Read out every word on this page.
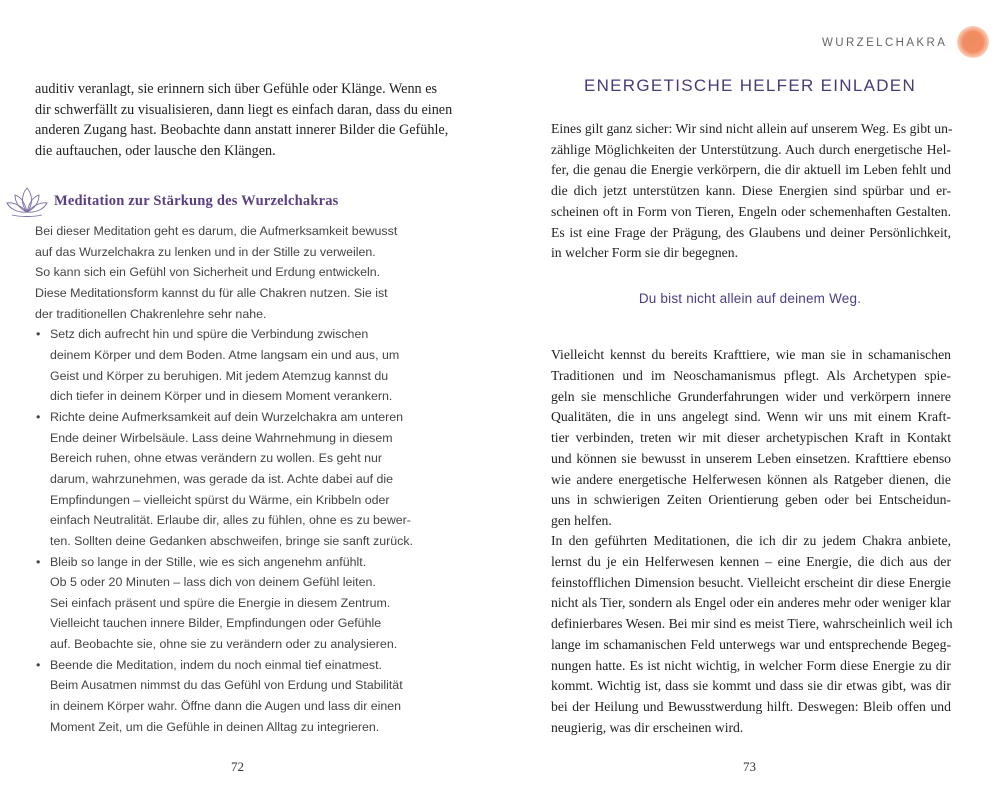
auditiv veranlagt, sie erinnern sich über Gefühle oder Klänge. Wenn es
dir schwerfällt zu visualisieren, dann liegt es einfach daran, dass du einen
anderen Zugang hast. Beobachte dann anstatt innerer Bilder die Gefühle,
die auftauchen, oder lausche den Klängen.
Meditation zur Stärkung des Wurzelchakras
Bei dieser Meditation geht es darum, die Aufmerksamkeit bewusst
auf das Wurzelchakra zu lenken und in der Stille zu verweilen.
So kann sich ein Gefühl von Sicherheit und Erdung entwickeln.
Diese Meditationsform kannst du für alle Chakren nutzen. Sie ist
der traditionellen Chakrenlehre sehr nahe.
• Setz dich aufrecht hin und spüre die Verbindung zwischen
deinem Körper und dem Boden. Atme langsam ein und aus, um
Geist und Körper zu beruhigen. Mit jedem Atemzug kannst du
dich tiefer in deinem Körper und in diesem Moment verankern.
• Richte deine Aufmerksamkeit auf dein Wurzelchakra am unteren
Ende deiner Wirbelsäule. Lass deine Wahrnehmung in diesem
Bereich ruhen, ohne etwas verändern zu wollen. Es geht nur
darum, wahrzunehmen, was gerade da ist. Achte dabei auf die
Empfindungen – vielleicht spürst du Wärme, ein Kribbeln oder
einfach Neutralität. Erlaube dir, alles zu fühlen, ohne es zu bewer-
ten. Sollten deine Gedanken abschweifen, bringe sie sanft zurück.
• Bleib so lange in der Stille, wie es sich angenehm anfühlt.
Ob 5 oder 20 Minuten – lass dich von deinem Gefühl leiten.
Sei einfach präsent und spüre die Energie in diesem Zentrum.
Vielleicht tauchen innere Bilder, Empfindungen oder Gefühle
auf. Beobachte sie, ohne sie zu verändern oder zu analysieren.
• Beende die Meditation, indem du noch einmal tief einatmest.
Beim Ausatmen nimmst du das Gefühl von Erdung und Stabilität
in deinem Körper wahr. Öffne dann die Augen und lass dir einen
Moment Zeit, um die Gefühle in deinen Alltag zu integrieren.
72
WURZELCHAKRA
ENERGETISCHE HELFER EINLADEN
Eines gilt ganz sicher: Wir sind nicht allein auf unserem Weg. Es gibt un-
zählige Möglichkeiten der Unterstützung. Auch durch energetische Hel-
fer, die genau die Energie verkörpern, die dir aktuell im Leben fehlt und
die dich jetzt unterstützen kann. Diese Energien sind spürbar und er-
scheinen oft in Form von Tieren, Engeln oder schemenhaften Gestalten.
Es ist eine Frage der Prägung, des Glaubens und deiner Persönlichkeit,
in welcher Form sie dir begegnen.
Du bist nicht allein auf deinem Weg.
Vielleicht kennst du bereits Krafttiere, wie man sie in schamanischen
Traditionen und im Neoschamanismus pflegt. Als Archetypen spie-
geln sie menschliche Grunderfahrungen wider und verkörpern innere
Qualitäten, die in uns angelegt sind. Wenn wir uns mit einem Kraft-
tier verbinden, treten wir mit dieser archetypischen Kraft in Kontakt
und können sie bewusst in unserem Leben einsetzen. Krafttiere ebenso
wie andere energetische Helferwesen können als Ratgeber dienen, die
uns in schwierigen Zeiten Orientierung geben oder bei Entscheidun-
gen helfen.
In den geführten Meditationen, die ich dir zu jedem Chakra anbiete,
lernst du je ein Helferwesen kennen – eine Energie, die dich aus der
feinstofflichen Dimension besucht. Vielleicht erscheint dir diese Energie
nicht als Tier, sondern als Engel oder ein anderes mehr oder weniger klar
definierbares Wesen. Bei mir sind es meist Tiere, wahrscheinlich weil ich
lange im schamanischen Feld unterwegs war und entsprechende Begeg-
nungen hatte. Es ist nicht wichtig, in welcher Form diese Energie zu dir
kommt. Wichtig ist, dass sie kommt und dass sie dir etwas gibt, was dir
bei der Heilung und Bewusstwerdung hilft. Deswegen: Bleib offen und
neugierig, was dir erscheinen wird.
73
